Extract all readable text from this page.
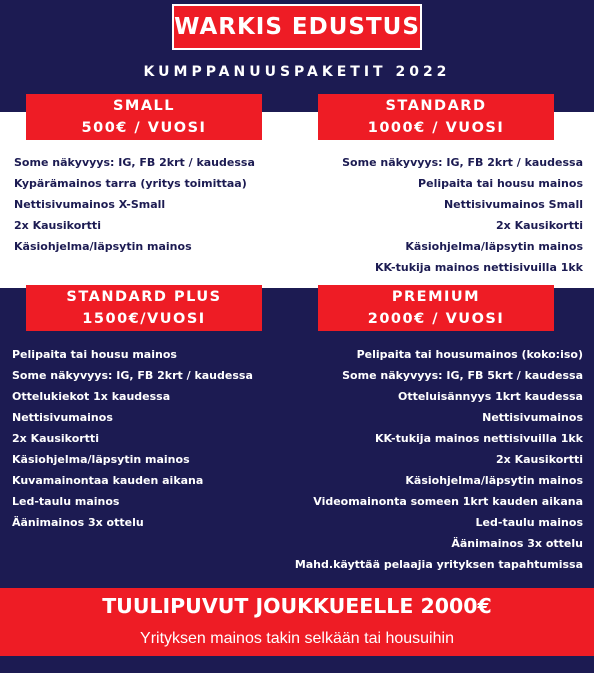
WARKIS EDUSTUS
KUMPPANUUSPAKETIT 2022
SMALL
500€ / VUOSI
Some näkyvyys: IG, FB 2krt / kaudessa
Kypärämainos tarra (yritys toimittaa)
Nettisivumainos X-Small
2x Kausikortti
Käsiohjelma/läpsytin mainos
STANDARD
1000€ / VUOSI
Some näkyvyys: IG, FB 2krt / kaudessa
Pelipaita tai housu mainos
Nettisivumainos Small
2x Kausikortti
Käsiohjelma/läpsytin mainos
KK-tukija mainos nettisivuilla 1kk
STANDARD PLUS
1500€/VUOSI
Pelipaita tai housu mainos
Some näkyvyys: IG, FB 2krt / kaudessa
Ottelukiekot 1x kaudessa
Nettisivumainos
2x Kausikortti
Käsiohjelma/läpsytin mainos
Kuvamainontaa kauden aikana
Led-taulu mainos
Äänimainos 3x ottelu
PREMIUM
2000€ / VUOSI
Pelipaita tai housumainos (koko:iso)
Some näkyvyys: IG, FB 5krt / kaudessa
Otteluisännyys 1krt kaudessa
Nettisivumainos
KK-tukija mainos nettisivuilla 1kk
2x Kausikortti
Käsiohjelma/läpsytin mainos
Videomainonta someen 1krt kauden aikana
Led-taulu mainos
Äänimainos 3x ottelu
Mahd.käyttää pelaajia yrityksen tapahtumissa
TUULIPUVUT JOUKKUEELLE 2000€
Yrityksen mainos takin selkään tai housuihin
